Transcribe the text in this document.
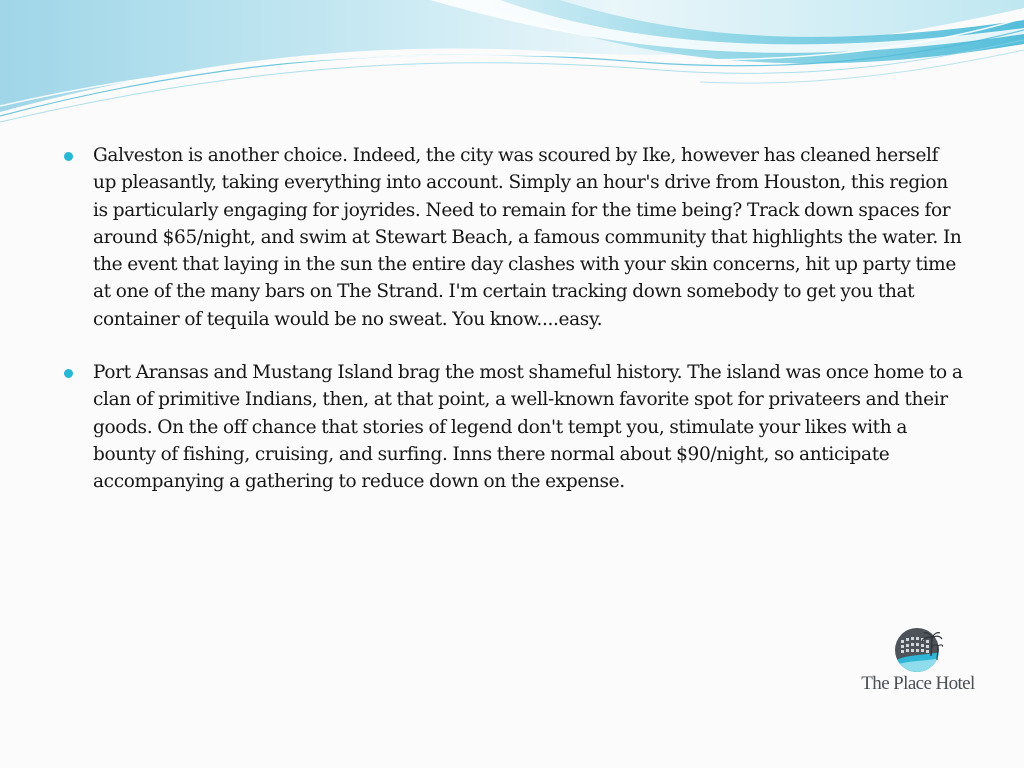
Galveston is another choice. Indeed, the city was scoured by Ike, however has cleaned herself up pleasantly, taking everything into account. Simply an hour's drive from Houston, this region is particularly engaging for joyrides. Need to remain for the time being? Track down spaces for around $65/night, and swim at Stewart Beach, a famous community that highlights the water. In the event that laying in the sun the entire day clashes with your skin concerns, hit up party time at one of the many bars on The Strand. I'm certain tracking down somebody to get you that container of tequila would be no sweat. You know....easy.
Port Aransas and Mustang Island brag the most shameful history. The island was once home to a clan of primitive Indians, then, at that point, a well-known favorite spot for privateers and their goods. On the off chance that stories of legend don't tempt you, stimulate your likes with a bounty of fishing, cruising, and surfing. Inns there normal about $90/night, so anticipate accompanying a gathering to reduce down on the expense.
The Place Hotel
